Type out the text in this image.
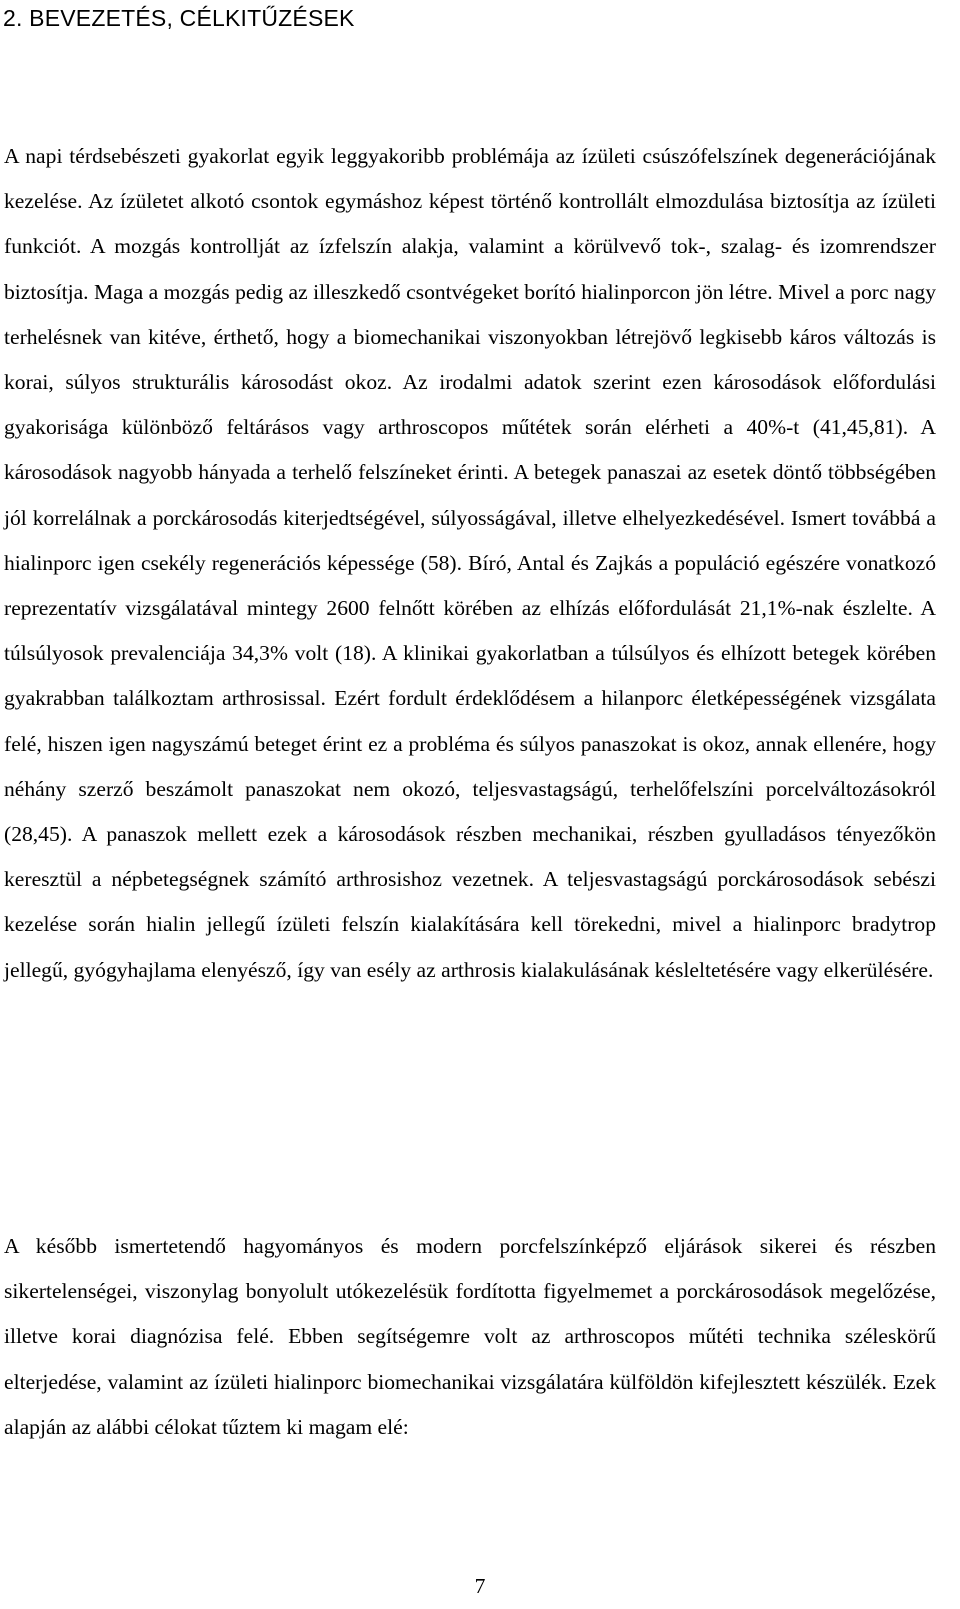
2. BEVEZETÉS, CÉLKITŰZÉSEK

A napi térdsebészeti gyakorlat egyik leggyakoribb problémája az ízületi csúszófelszínek degenerációjának kezelése. Az ízületet alkotó csontok egymáshoz képest történő kontrollált elmozdulása biztosítja az ízületi funkciót. A mozgás kontrollját az ízfelszín alakja, valamint a körülvevő tok-, szalag- és izomrendszer biztosítja. Maga a mozgás pedig az illeszkedő csontvégeket borító hialinporcon jön létre. Mivel a porc nagy terhelésnek van kitéve, érthető, hogy a biomechanikai viszonyokban létrejövő legkisebb káros változás is korai, súlyos strukturális károsodást okoz. Az irodalmi adatok szerint ezen károsodások előfordulási gyakorisága különböző feltárásos vagy arthroscopos műtétek során elérheti a 40%-t (41,45,81). A károsodások nagyobb hányada a terhelő felszíneket érinti. A betegek panaszai az esetek döntő többségében jól korrelálnak a porckárosodás kiterjedtségével, súlyosságával, illetve elhelyezkedésével. Ismert továbbá a hialinporc igen csekély regenerációs képessége (58). Bíró, Antal és Zajkás a populáció egészére vonatkozó reprezentatív vizsgálatával mintegy 2600 felnőtt körében az elhízás előfordulását 21,1%-nak észlelte. A túlsúlyosok prevalenciája 34,3% volt (18). A klinikai gyakorlatban a túlsúlyos és elhízott betegek körében gyakrabban találkoztam arthrosissal. Ezért fordult érdeklődésem a hilanporc életképességének vizsgálata felé, hiszen igen nagyszámú beteget érint ez a probléma és súlyos panaszokat is okoz, annak ellenére, hogy néhány szerző beszámolt panaszokat nem okozó, teljesvastagságú, terhelőfelszíni porcelváltozásokról (28,45). A panaszok mellett ezek a károsodások részben mechanikai, részben gyulladásos tényezőkön keresztül a népbetegségnek számító arthrosishoz vezetnek. A teljesvastagságú porckárosodások sebészi kezelése során hialin jellegű ízületi felszín kialakítására kell törekedni, mivel a hialinporc bradytrop jellegű, gyógyhajlama elenyésző, így van esély az arthrosis kialakulásának késleltetésére vagy elkerülésére.

A később ismertetendő hagyományos és modern porcfelszínképző eljárások sikerei és részben sikertelenségei, viszonylag bonyolult utókezelésük fordította figyelmemet a porckárosodások megelőzése, illetve korai diagnózisa felé. Ebben segítségemre volt az arthroscopos műtéti technika széleskörű elterjedése, valamint az ízületi hialinporc biomechanikai vizsgálatára külföldön kifejlesztett készülék. Ezek alapján az alábbi célokat tűztem ki magam elé:

7
